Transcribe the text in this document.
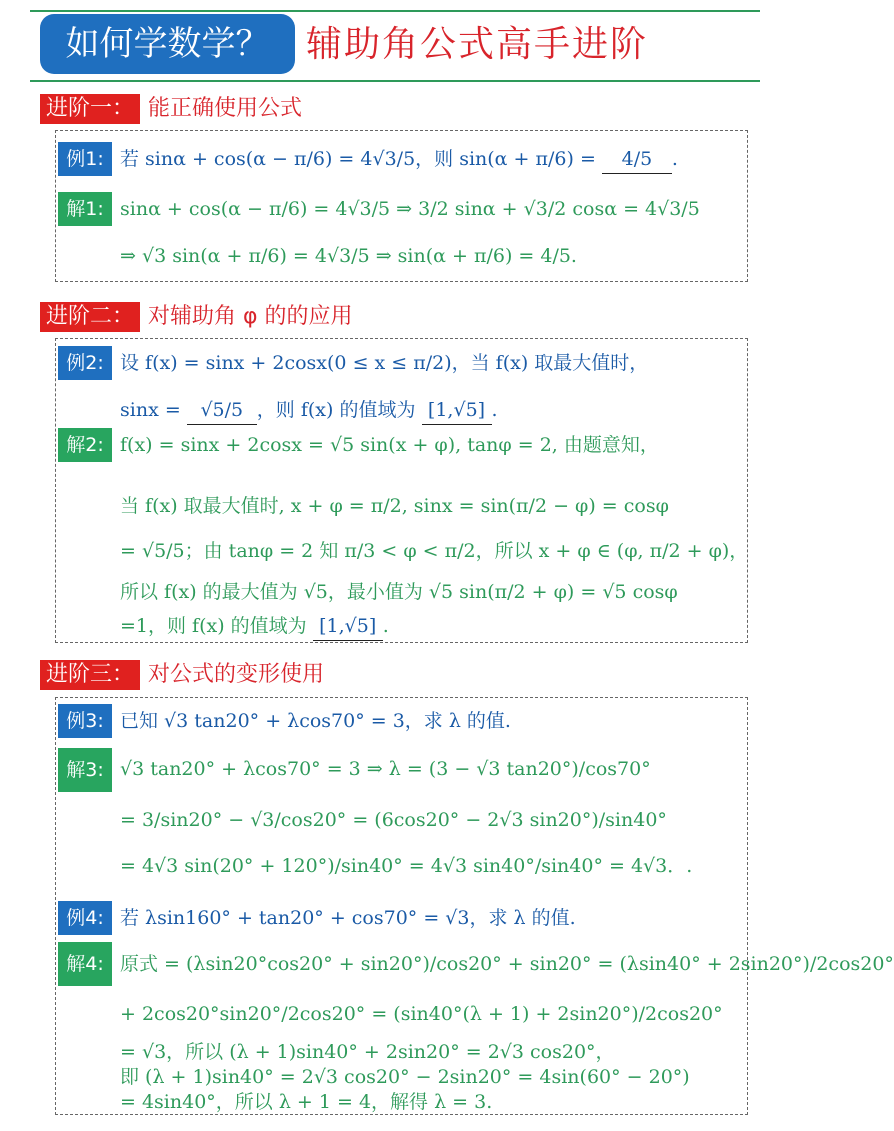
如何学数学？	辅助角公式高手进阶
进阶一： 能正确使用公式
例1: 若 sinα + cos(α − π/6) = 4√3/5，则 sin(α + π/6) = 4/5 .
解1: sinα + cos(α − π/6) = 4√3/5 ⇒ 3/2 sinα + √3/2 cosα = 4√3/5
⇒ √3 sin(α + π/6) = 4√3/5 ⇒ sin(α + π/6) = 4/5.
进阶二： 对辅助角 φ 的的应用
例2: 设 f(x) = sinx + 2cosx(0 ≤ x ≤ π/2)，当 f(x) 取最大值时，
sinx = √5/5 ，则 f(x) 的值域为 [1,√5] .
解2: f(x) = sinx + 2cosx = √5 sin(x + φ), tanφ = 2, 由题意知，
当 f(x) 取最大值时, x + φ = π/2, sinx = sin(π/2 − φ) = cosφ
= √5/5；由 tanφ = 2 知 π/3 < φ < π/2，所以 x + φ ∈ (φ, π/2 + φ)，
所以 f(x) 的最大值为 √5，最小值为 √5 sin(π/2 + φ) = √5 cosφ
=1，则 f(x) 的值域为 [1,√5] .
进阶三： 对公式的变形使用
例3: 已知 √3 tan20° + λcos70° = 3，求 λ 的值.
解3: √3 tan20° + λcos70° = 3 ⇒ λ = (3 − √3 tan20°)/cos70°
= 3/sin20° − √3/cos20° = (6cos20° − 2√3 sin20°)/sin40°
= 4√3 sin(20° + 120°)/sin40° = 4√3 sin40°/sin40° = 4√3．.
例4: 若 λsin160° + tan20° + cos70° = √3，求 λ 的值.
解4: 原式 = (λsin20°cos20° + sin20°)/cos20° + sin20° = (λsin40° + 2sin20°)/2cos20°
+ 2cos20°sin20°/2cos20° = (sin40°(λ + 1) + 2sin20°)/2cos20°
= √3，所以 (λ + 1)sin40° + 2sin20° = 2√3 cos20°，
即 (λ + 1)sin40° = 2√3 cos20° − 2sin20° = 4sin(60° − 20°)
= 4sin40°，所以 λ + 1 = 4，解得 λ = 3.
